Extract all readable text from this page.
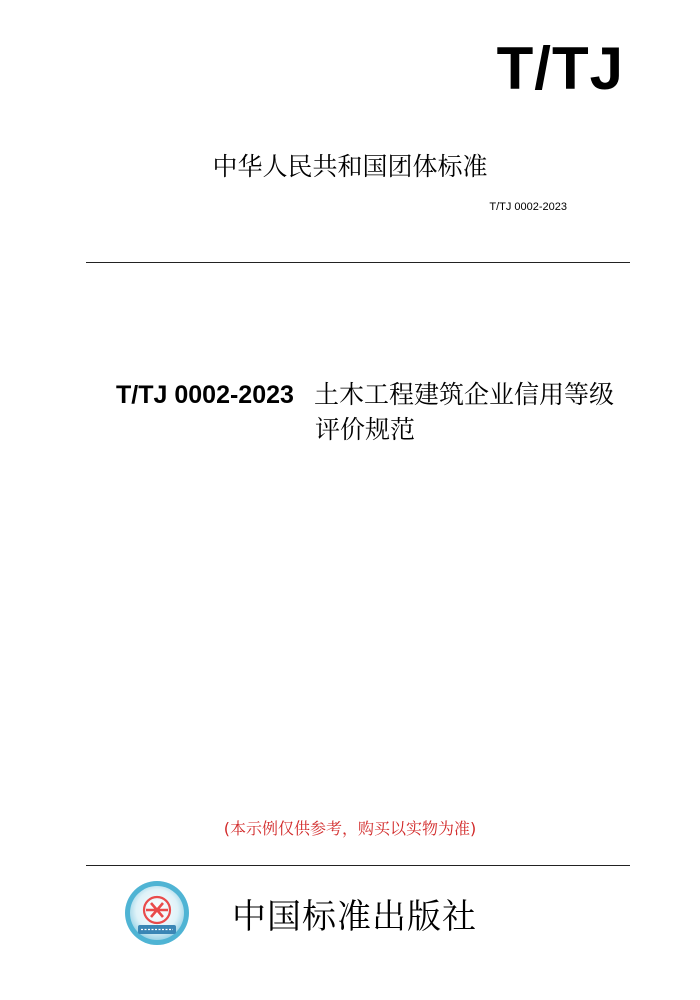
T/TJ
中华人民共和国团体标准
T/TJ 0002-2023
T/TJ 0002-2023 土木工程建筑企业信用等级
评价规范
(本示例仅供参考，购买以实物为准)
中国标准出版社
